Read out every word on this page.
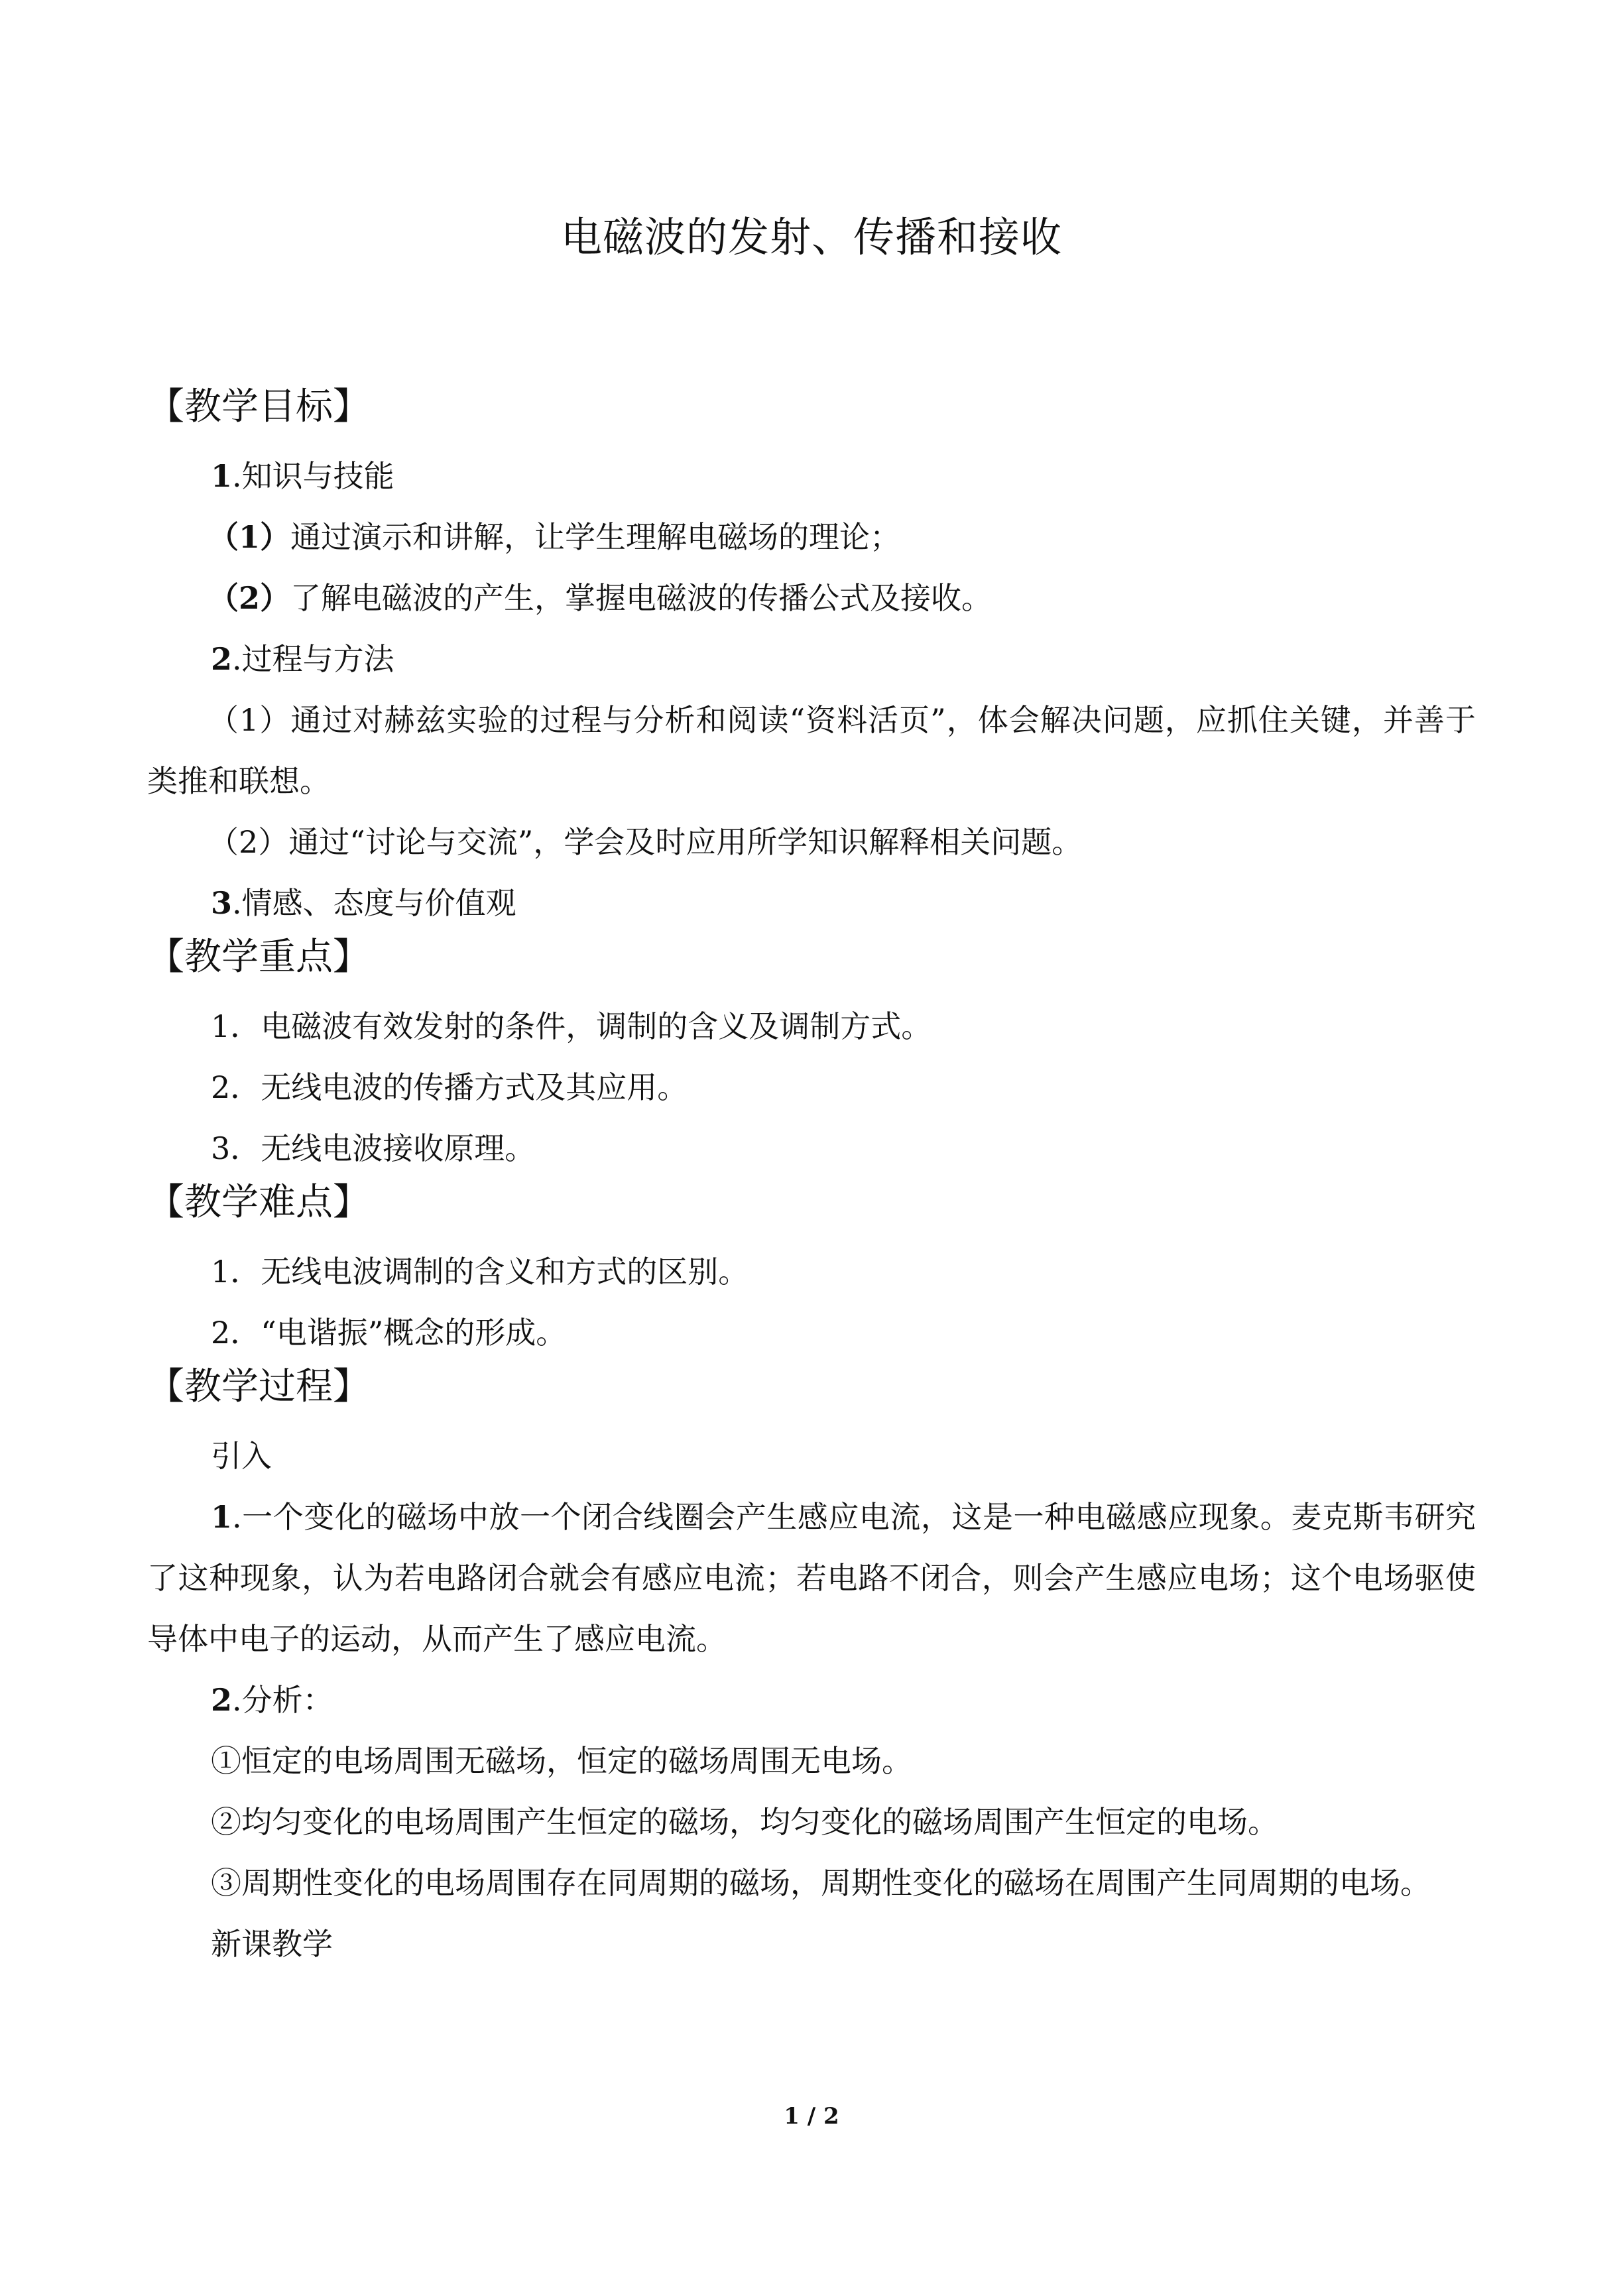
电磁波的发射、传播和接收
【教学目标】
1.知识与技能
（1）通过演示和讲解，让学生理解电磁场的理论；
（2）了解电磁波的产生，掌握电磁波的传播公式及接收。
2.过程与方法

（1）通过对赫兹实验的过程与分析和阅读“资料活页”，体会解决问题，应抓住关键，并善于类推和联想。

（2）通过“讨论与交流”，学会及时应用所学知识解释相关问题。
3.情感、态度与价值观
【教学重点】
1．电磁波有效发射的条件，调制的含义及调制方式。
2．无线电波的传播方式及其应用。
3．无线电波接收原理。
【教学难点】
1．无线电波调制的含义和方式的区别。
2．“电谐振”概念的形成。
【教学过程】
引入

1.一个变化的磁场中放一个闭合线圈会产生感应电流，这是一种电磁感应现象。麦克斯韦研究了这种现象，认为若电路闭合就会有感应电流；若电路不闭合，则会产生感应电场；这个电场驱使导体中电子的运动，从而产生了感应电流。

2.分析：
①恒定的电场周围无磁场，恒定的磁场周围无电场。
②均匀变化的电场周围产生恒定的磁场，均匀变化的磁场周围产生恒定的电场。

③周期性变化的电场周围存在同周期的磁场，周期性变化的磁场在周围产生同周期的电场。

新课教学
1 / 2
